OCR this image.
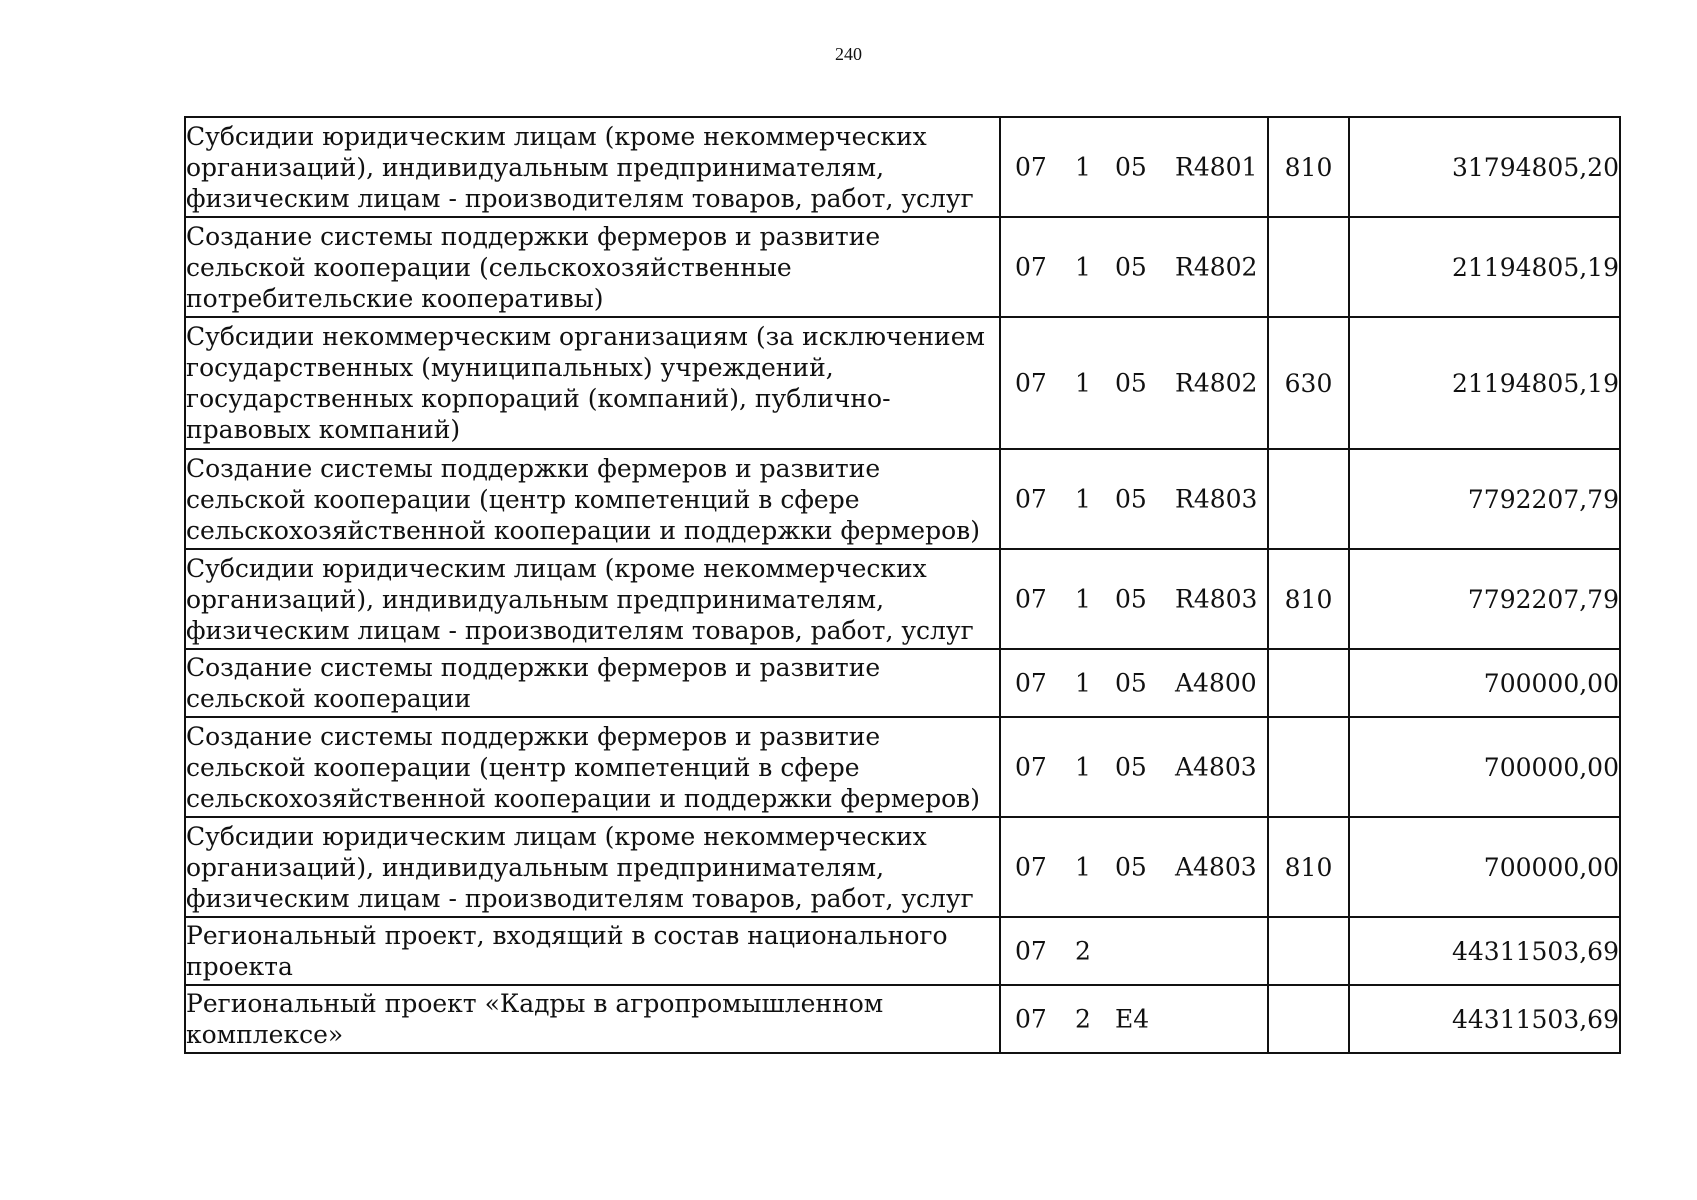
240
Субсидии юридическим лицам (кроме некоммерческих организаций), индивидуальным предпринимателям, физическим лицам - производителям товаров, работ, услуг	07 1 05 R4801	810	31794805,20
Создание системы поддержки фермеров и развитие сельской кооперации (сельскохозяйственные потребительские кооперативы)	07 1 05 R4802		21194805,19
Субсидии некоммерческим организациям (за исключением государственных (муниципальных) учреждений, государственных корпораций (компаний), публично-правовых компаний)	07 1 05 R4802	630	21194805,19
Создание системы поддержки фермеров и развитие сельской кооперации (центр компетенций в сфере сельскохозяйственной кооперации и поддержки фермеров)	07 1 05 R4803		7792207,79
Субсидии юридическим лицам (кроме некоммерческих организаций), индивидуальным предпринимателям, физическим лицам - производителям товаров, работ, услуг	07 1 05 R4803	810	7792207,79
Создание системы поддержки фермеров и развитие сельской кооперации	07 1 05 A4800		700000,00
Создание системы поддержки фермеров и развитие сельской кооперации (центр компетенций в сфере сельскохозяйственной кооперации и поддержки фермеров)	07 1 05 A4803		700000,00
Субсидии юридическим лицам (кроме некоммерческих организаций), индивидуальным предпринимателям, физическим лицам - производителям товаров, работ, услуг	07 1 05 A4803	810	700000,00
Региональный проект, входящий в состав национального проекта	07 2		44311503,69
Региональный проект «Кадры в агропромышленном комплексе»	07 2 E4		44311503,69
